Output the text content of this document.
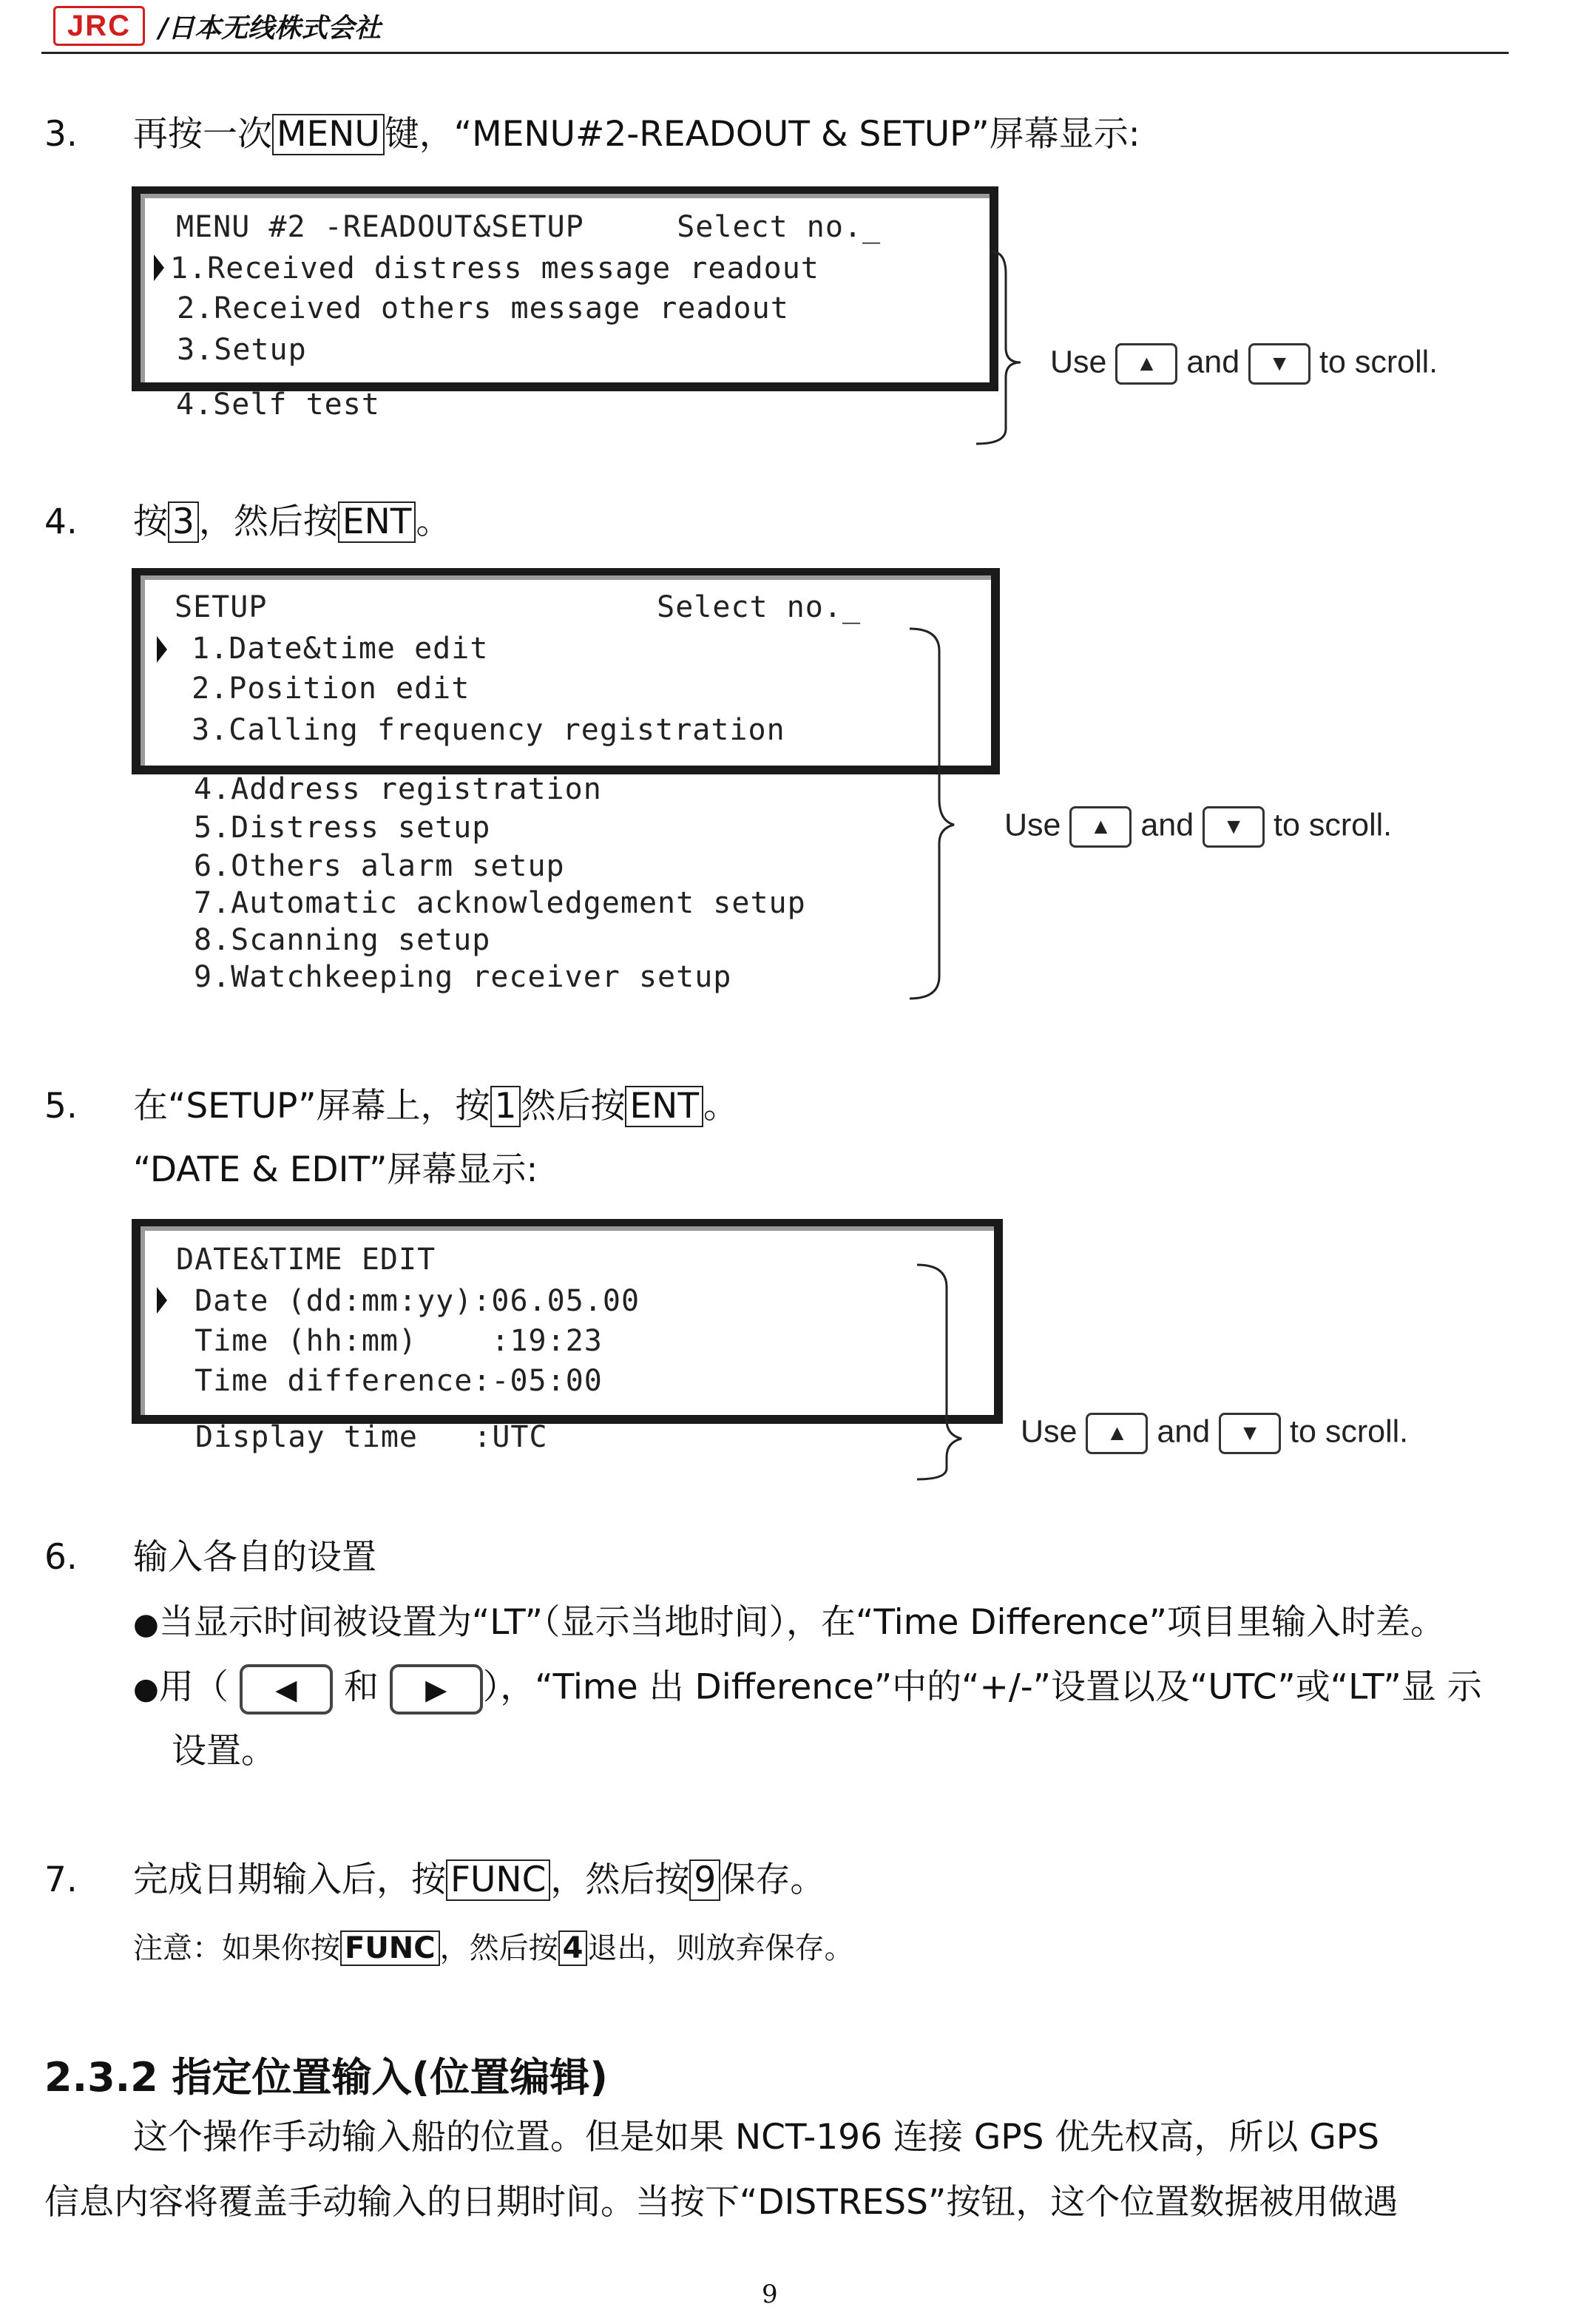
JRC	/日本无线株式会社
3. 再按一次 MENU 键，“MENU#2-READOUT & SETUP”屏幕显示:
MENU #2 -READOUT&SETUP     Select no._
1.Received distress message readout
2.Received others message readout
3.Setup
4.Self test
Use ▲ and ▼ to scroll.
4. 按 3 ，然后按 ENT 。
SETUP                     Select no._
1.Date&time edit
2.Position edit
3.Calling frequency registration
4.Address registration
5.Distress setup
6.Others alarm setup
7.Automatic acknowledgement setup
8.Scanning setup
9.Watchkeeping receiver setup
Use ▲ and ▼ to scroll.
5. 在“SETUP”屏幕上，按 1 然后按 ENT 。
“DATE & EDIT”屏幕显示:
DATE&TIME EDIT
Date (dd:mm:yy):06.05.00
Time (hh:mm)    :19:23
Time difference:-05:00
Display time   :UTC	Use ▲ and ▼ to scroll.
6. 输入各自的设置
●当显示时间被设置为“LT”（显示当地时间），在“Time Difference”项目里输入时差。
●用（ ◀ 和 ▶ ），“Time 出 Difference”中的“+/-”设置以及“UTC”或“LT”显 示
设置。
7. 完成日期输入后，按 FUNC ，然后按 9 保存。
注意：如果你按 FUNC ，然后按 4 退出，则放弃保存。
2.3.2 指定位置输入(位置编辑)
这个操作手动输入船的位置。但是如果 NCT-196 连接 GPS 优先权高，所以 GPS
信息内容将覆盖手动输入的日期时间。当按下“DISTRESS”按钮，这个位置数据被用做遇
9
